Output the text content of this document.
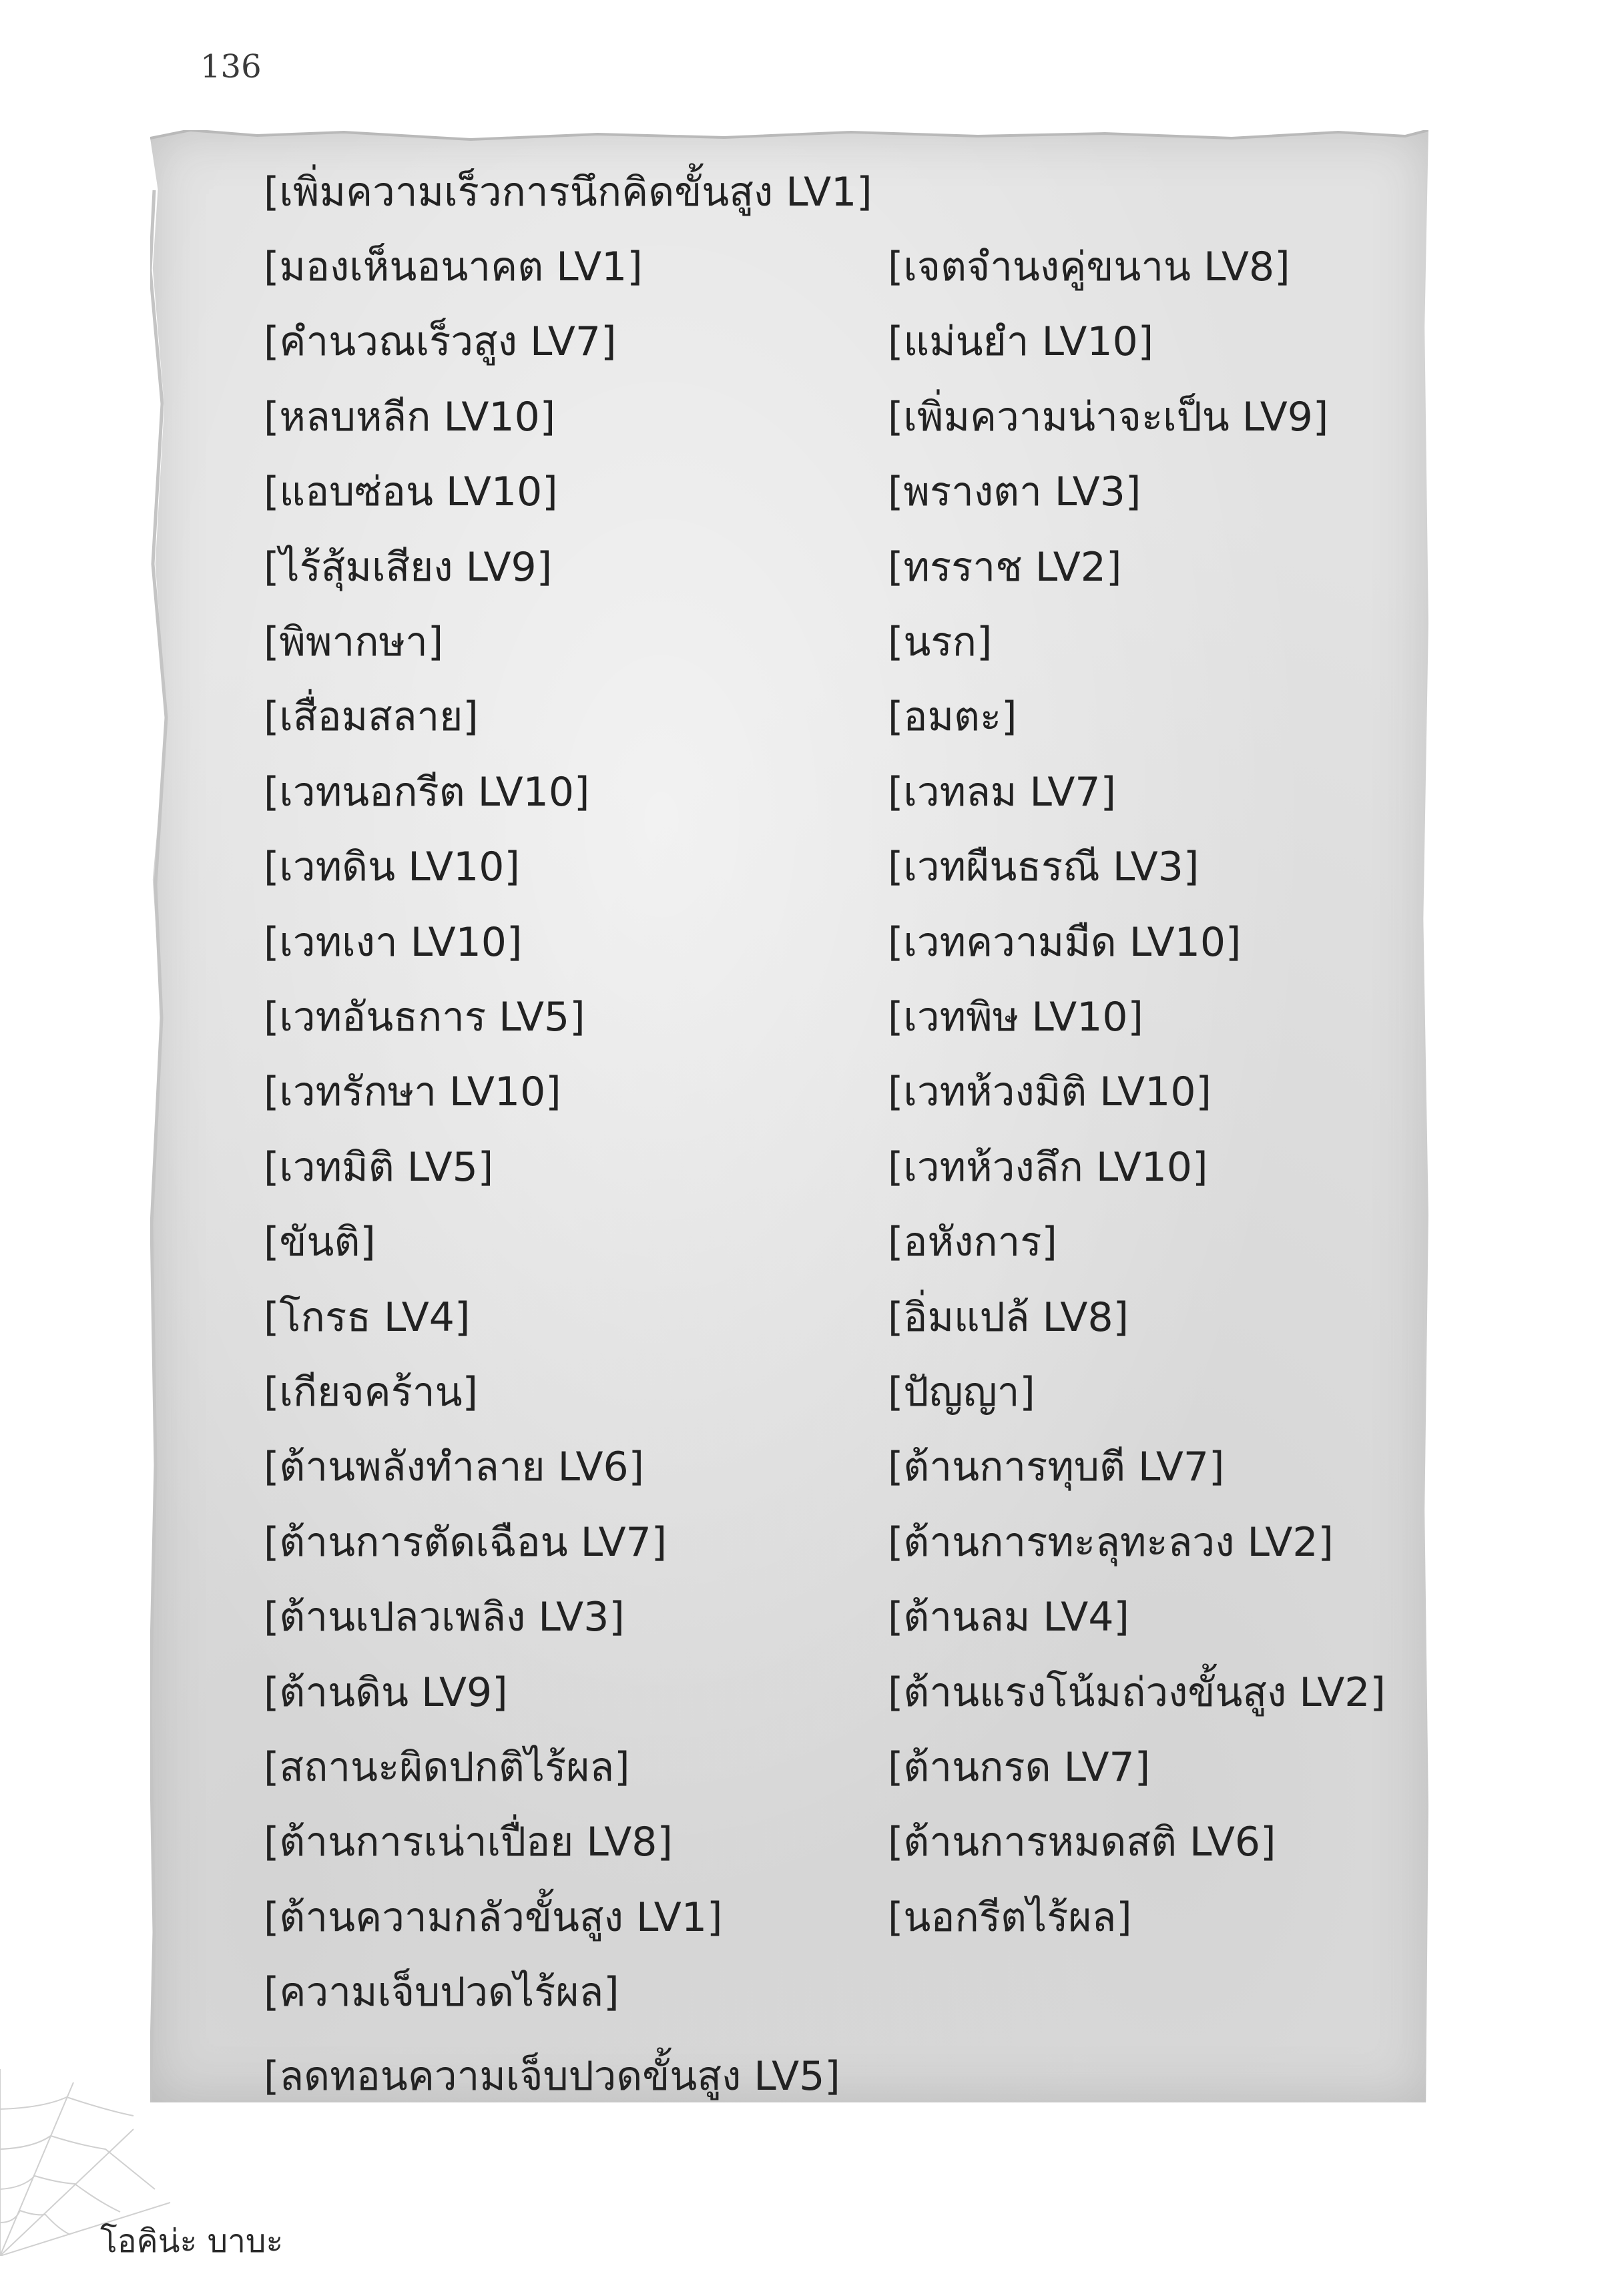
136
[เพิ่มความเร็วการนึกคิดขั้นสูง LV1]
[มองเห็นอนาคต LV1]
[คำนวณเร็วสูง LV7]
[หลบหลีก LV10]
[แอบซ่อน LV10]
[ไร้สุ้มเสียง LV9]
[พิพากษา]
[เสื่อมสลาย]
[เวทนอกรีต LV10]
[เวทดิน LV10]
[เวทเงา LV10]
[เวทอันธการ LV5]
[เวทรักษา LV10]
[เวทมิติ LV5]
[ขันติ]
[โกรธ LV4]
[เกียจคร้าน]
[ต้านพลังทำลาย LV6]
[ต้านการตัดเฉือน LV7]
[ต้านเปลวเพลิง LV3]
[ต้านดิน LV9]
[สถานะผิดปกติไร้ผล]
[ต้านการเน่าเปื่อย LV8]
[ต้านความกลัวขั้นสูง LV1]
[ความเจ็บปวดไร้ผล]
[เจตจำนงคู่ขนาน LV8]
[แม่นยำ LV10]
[เพิ่มความน่าจะเป็น LV9]
[พรางตา LV3]
[ทรราช LV2]
[นรก]
[อมตะ]
[เวทลม LV7]
[เวทผืนธรณี LV3]
[เวทความมืด LV10]
[เวทพิษ LV10]
[เวทห้วงมิติ LV10]
[เวทห้วงลึก LV10]
[อหังการ]
[อิ่มแปล้ LV8]
[ปัญญา]
[ต้านการทุบตี LV7]
[ต้านการทะลุทะลวง LV2]
[ต้านลม LV4]
[ต้านแรงโน้มถ่วงขั้นสูง LV2]
[ต้านกรด LV7]
[ต้านการหมดสติ LV6]
[นอกรีตไร้ผล]
[ลดทอนความเจ็บปวดขั้นสูง LV5]
โอคิน่ะ บาบะ
